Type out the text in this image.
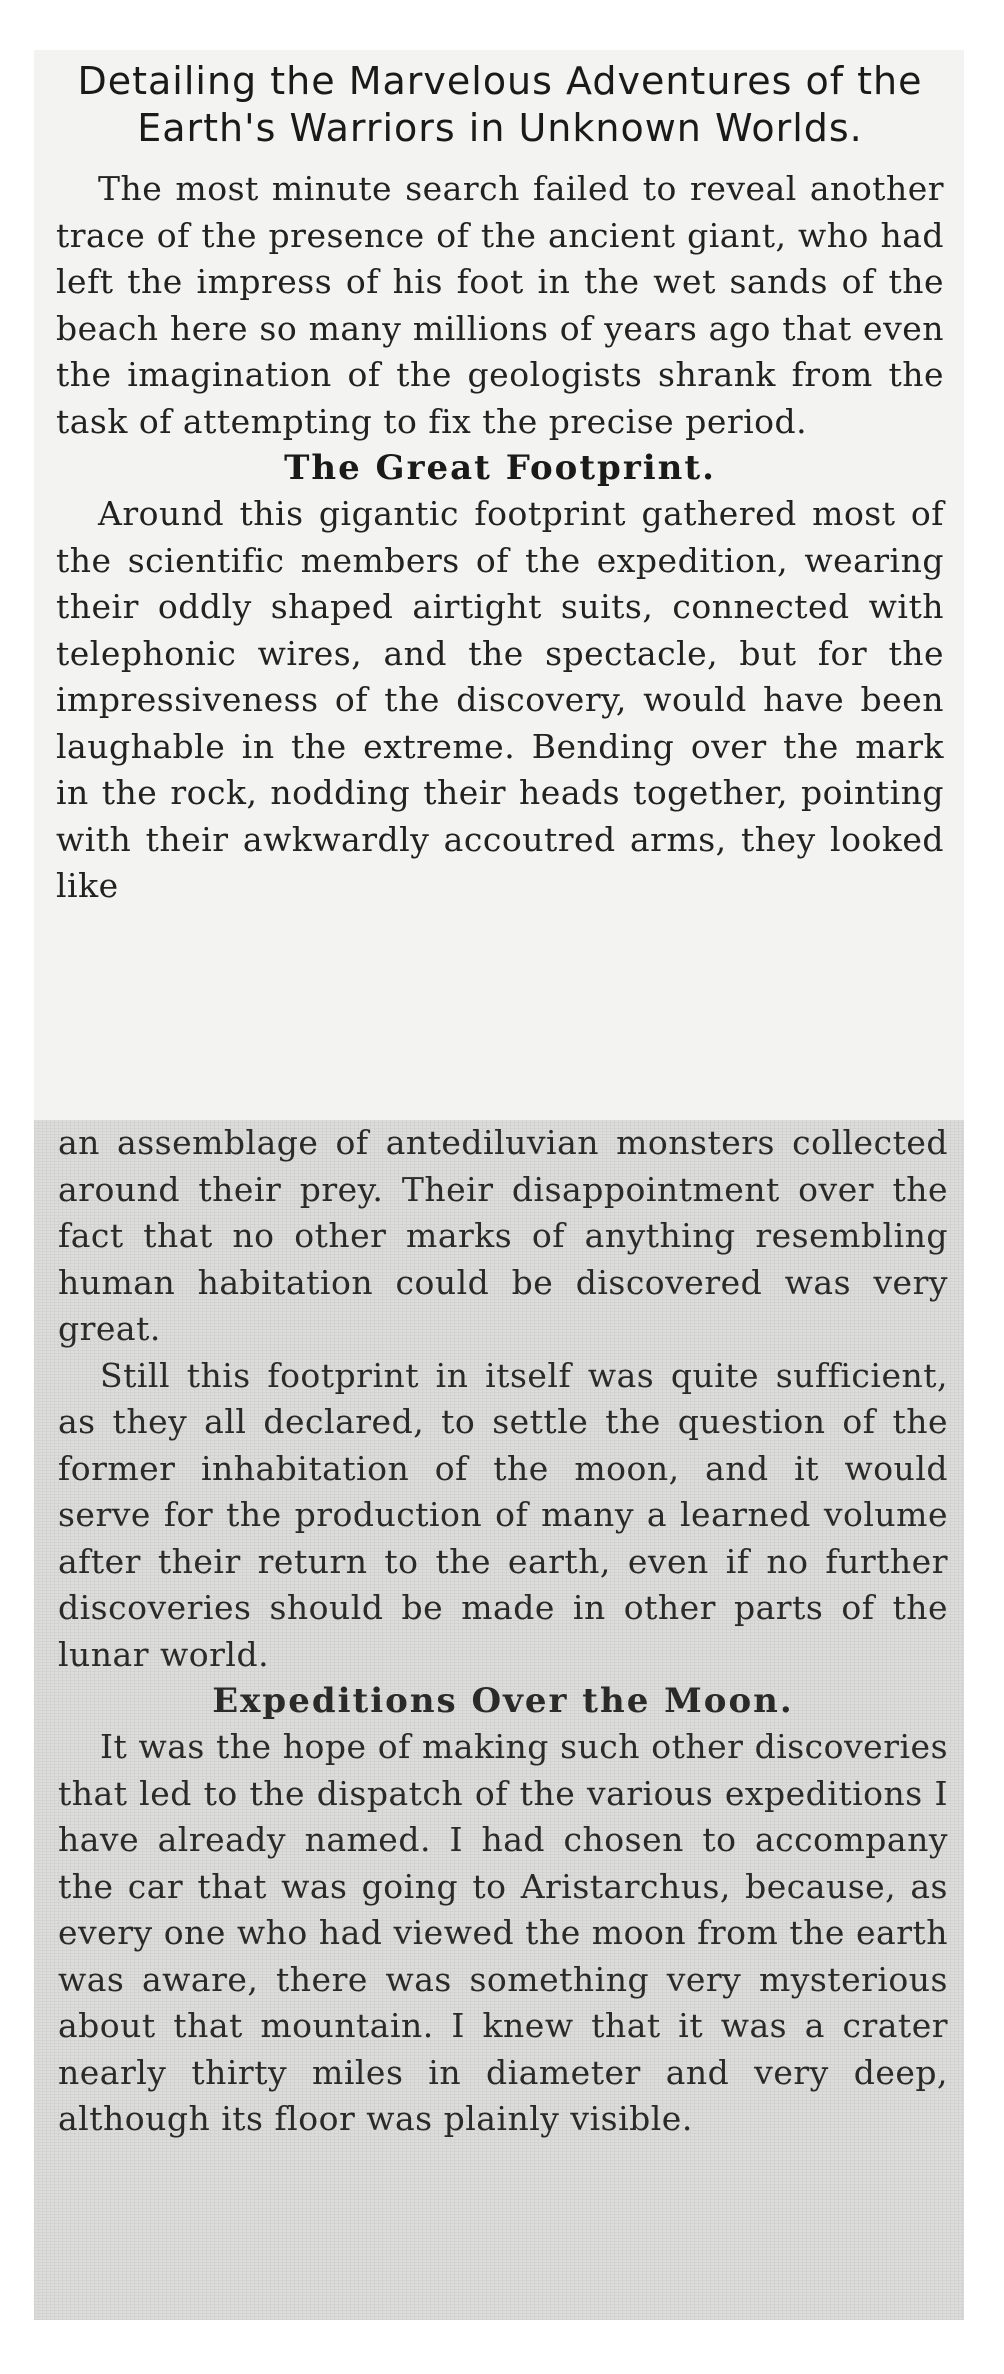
Detailing the Marvelous Adventures of the Earth's Warriors in Unknown Worlds.

The most minute search failed to reveal another trace of the presence of the ancient giant, who had left the impress of his foot in the wet sands of the beach here so many millions of years ago that even the imagination of the geologists shrank from the task of attempting to fix the precise period.

The Great Footprint.

Around this gigantic footprint gathered most of the scientific members of the expedition, wearing their oddly shaped airtight suits, connected with telephonic wires, and the spectacle, but for the impressiveness of the discovery, would have been laughable in the extreme. Bending over the mark in the rock, nodding their heads together, pointing with their awkwardly accoutred arms, they looked like

an assemblage of antediluvian monsters collected around their prey. Their disappointment over the fact that no other marks of anything resembling human habitation could be discovered was very great.

Still this footprint in itself was quite sufficient, as they all declared, to settle the question of the former inhabitation of the moon, and it would serve for the production of many a learned volume after their return to the earth, even if no further discoveries should be made in other parts of the lunar world.

Expeditions Over the Moon.

It was the hope of making such other discoveries that led to the dispatch of the various expeditions I have already named. I had chosen to accompany the car that was going to Aristarchus, because, as every one who had viewed the moon from the earth was aware, there was something very mysterious about that mountain. I knew that it was a crater nearly thirty miles in diameter and very deep, although its floor was plainly visible.
